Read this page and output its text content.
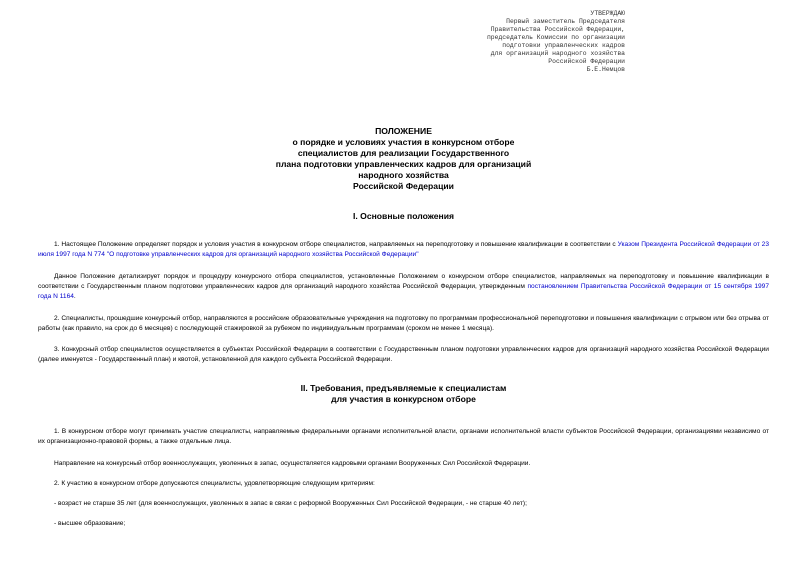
УТВЕРЖДАЮ
Первый заместитель Председателя
Правительства Российской Федерации,
председатель Комиссии по организации
подготовки управленческих кадров
для организаций народного хозяйства
Российской Федерации
Б.Е.Немцов
ПОЛОЖЕНИЕ
о порядке и условиях участия в конкурсном отборе
специалистов для реализации Государственного
плана подготовки управленческих кадров для организаций
народного хозяйства
Российской Федерации
I. Основные положения
1. Настоящее Положение определяет порядок и условия участия в конкурсном отборе специалистов, направляемых на переподготовку и повышение квалификации в соответствии с Указом Президента Российской Федерации от 23 июля 1997 года N 774 "О подготовке управленческих кадров для организаций народного хозяйства Российской Федерации"
Данное Положение детализирует порядок и процедуру конкурсного отбора специалистов, установленные Положением о конкурсном отборе специалистов, направляемых на переподготовку и повышение квалификации в соответствии с Государственным планом подготовки управленческих кадров для организаций народного хозяйства Российской Федерации, утвержденным постановлением Правительства Российской Федерации от 15 сентября 1997 года N 1164.
2. Специалисты, прошедшие конкурсный отбор, направляются в российские образовательные учреждения на подготовку по программам профессиональной переподготовки и повышения квалификации с отрывом или без отрыва от работы (как правило, на срок до 6 месяцев) с последующей стажировкой за рубежом по индивидуальным программам (сроком не менее 1 месяца).
3. Конкурсный отбор специалистов осуществляется в субъектах Российской Федерации в соответствии с Государственным планом подготовки управленческих кадров для организаций народного хозяйства Российской Федерации (далее именуется - Государственный план) и квотой, установленной для каждого субъекта Российской Федерации.
II. Требования, предъявляемые к специалистам
для участия в конкурсном отборе
1. В конкурсном отборе могут принимать участие специалисты, направляемые федеральными органами исполнительной власти, органами исполнительной власти субъектов Российской Федерации, организациями независимо от их организационно-правовой формы, а также отдельные лица.
Направление на конкурсный отбор военнослужащих, уволенных в запас, осуществляется кадровыми органами Вооруженных Сил Российской Федерации.
2. К участию в конкурсном отборе допускаются специалисты, удовлетворяющие следующим критериям:
- возраст не старше 35 лет (для военнослужащих, уволенных в запас в связи с реформой Вооруженных Сил Российской Федерации, - не старше 40 лет);
- высшее образование;
